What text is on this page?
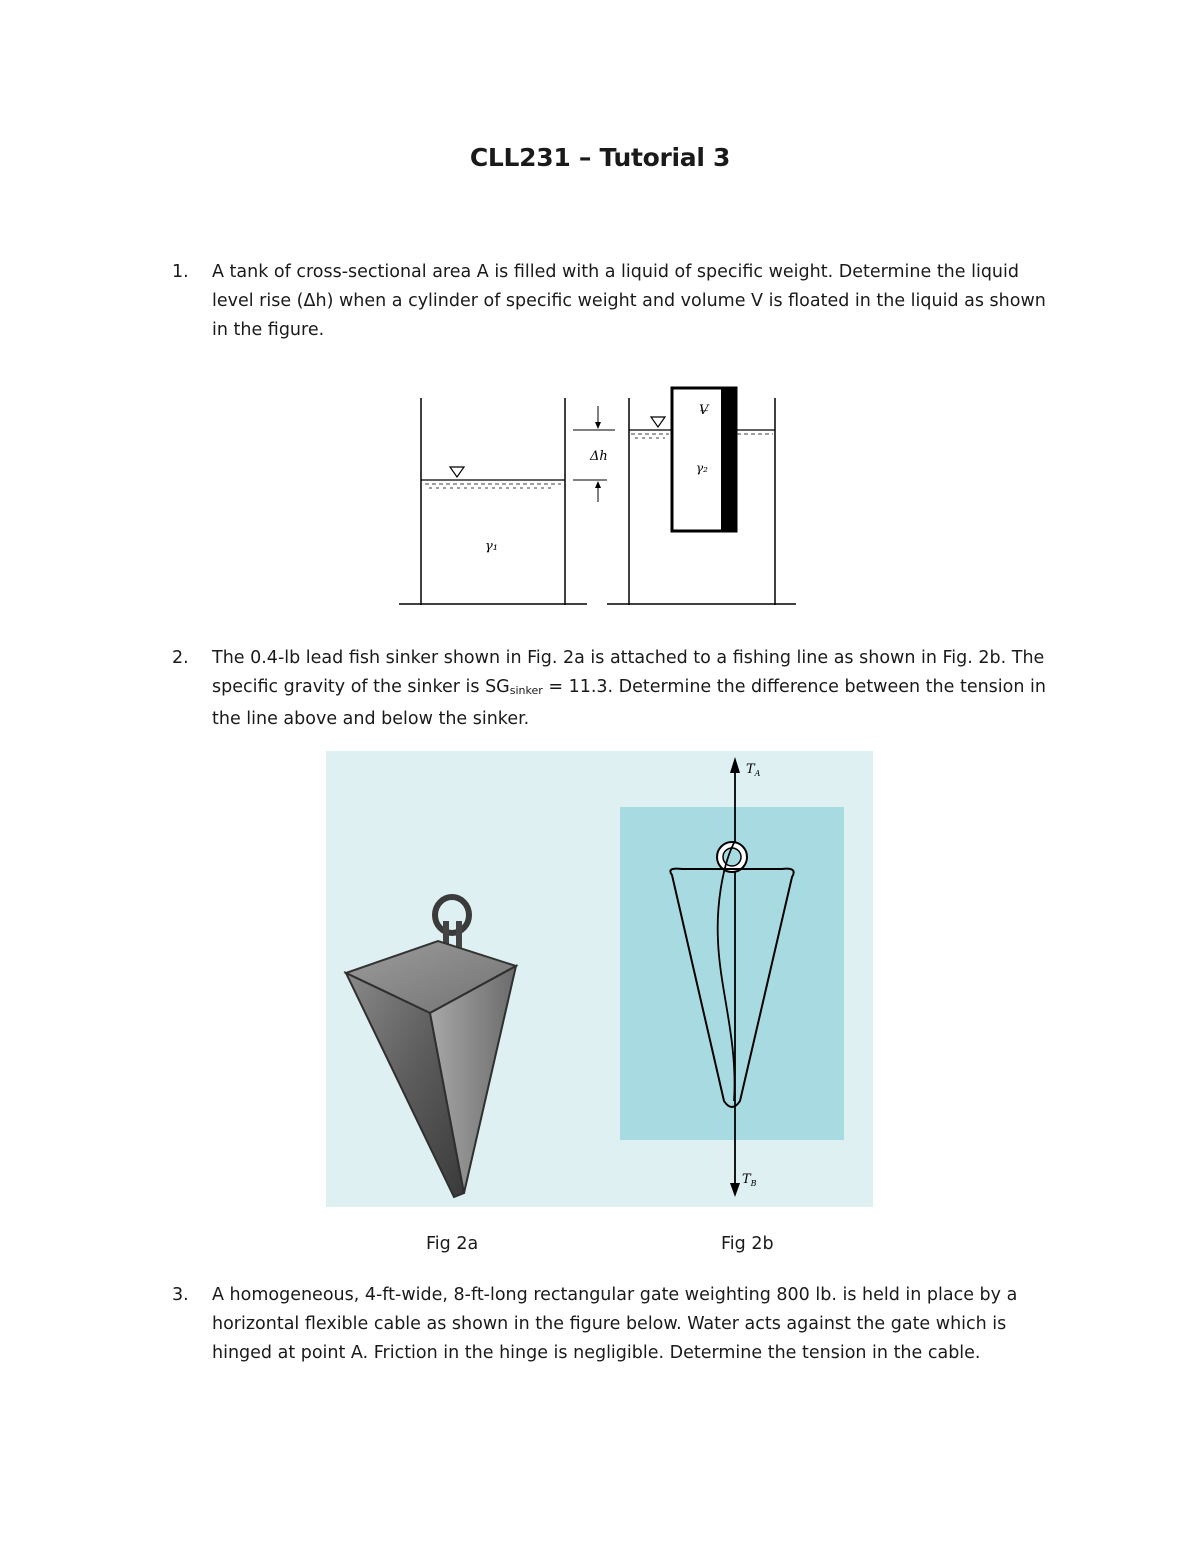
CLL231 – Tutorial 3
1.	A tank of cross-sectional area A is filled with a liquid of specific weight. Determine the liquid level rise (Δh) when a cylinder of specific weight and volume V is floated in the liquid as shown in the figure.
Δh
γ₁
γ₂
V̶
2.	The 0.4-lb lead fish sinker shown in Fig. 2a is attached to a fishing line as shown in Fig. 2b. The specific gravity of the sinker is $SG_{sinker} = 11.3$. Determine the difference between the tension in the line above and below the sinker.
$T_A$
$T_B$
Fig 2a	Fig 2b
3.	A homogeneous, 4-ft-wide, 8-ft-long rectangular gate weighting 800 lb. is held in place by a horizontal flexible cable as shown in the figure below. Water acts against the gate which is hinged at point A. Friction in the hinge is negligible. Determine the tension in the cable.
